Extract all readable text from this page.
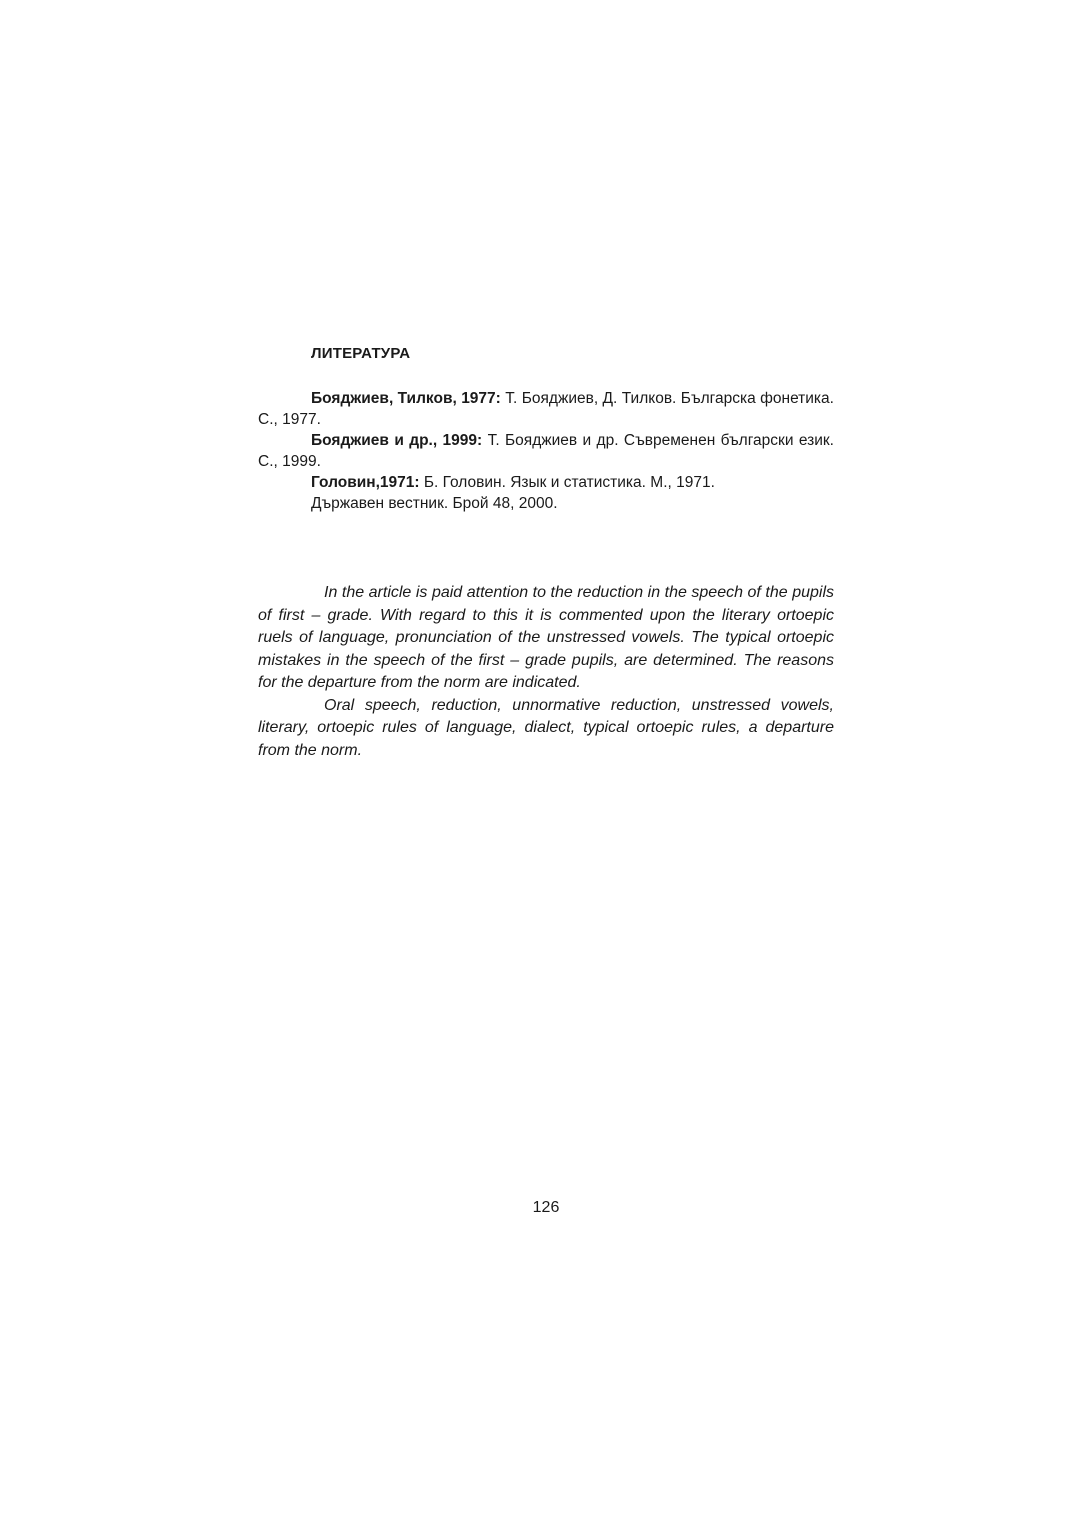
ЛИТЕРАТУРА

Бояджиев, Тилков, 1977: Т. Бояджиев, Д. Тилков. Българска фонетика. С., 1977.

Бояджиев и др., 1999: Т. Бояджиев и др. Съвременен български език. С., 1999.

Головин,1971: Б. Головин. Язык и статистика. М., 1971.

Държавен вестник. Брой 48, 2000.

In the article is paid attention to the reduction in the speech of the pupils of first – grade. With regard to this it is commented upon the literary ortoepic ruels of language, pronunciation of the unstressed vowels. The typical ortoepic mistakes in the speech of the first – grade pupils, are determined. The reasons for the departure from the norm are indicated.

Oral speech, reduction, unnormative reduction, unstressed vowels, literary, ortoepic rules of language, dialect, typical ortoepic rules, a departure from the norm.

126
